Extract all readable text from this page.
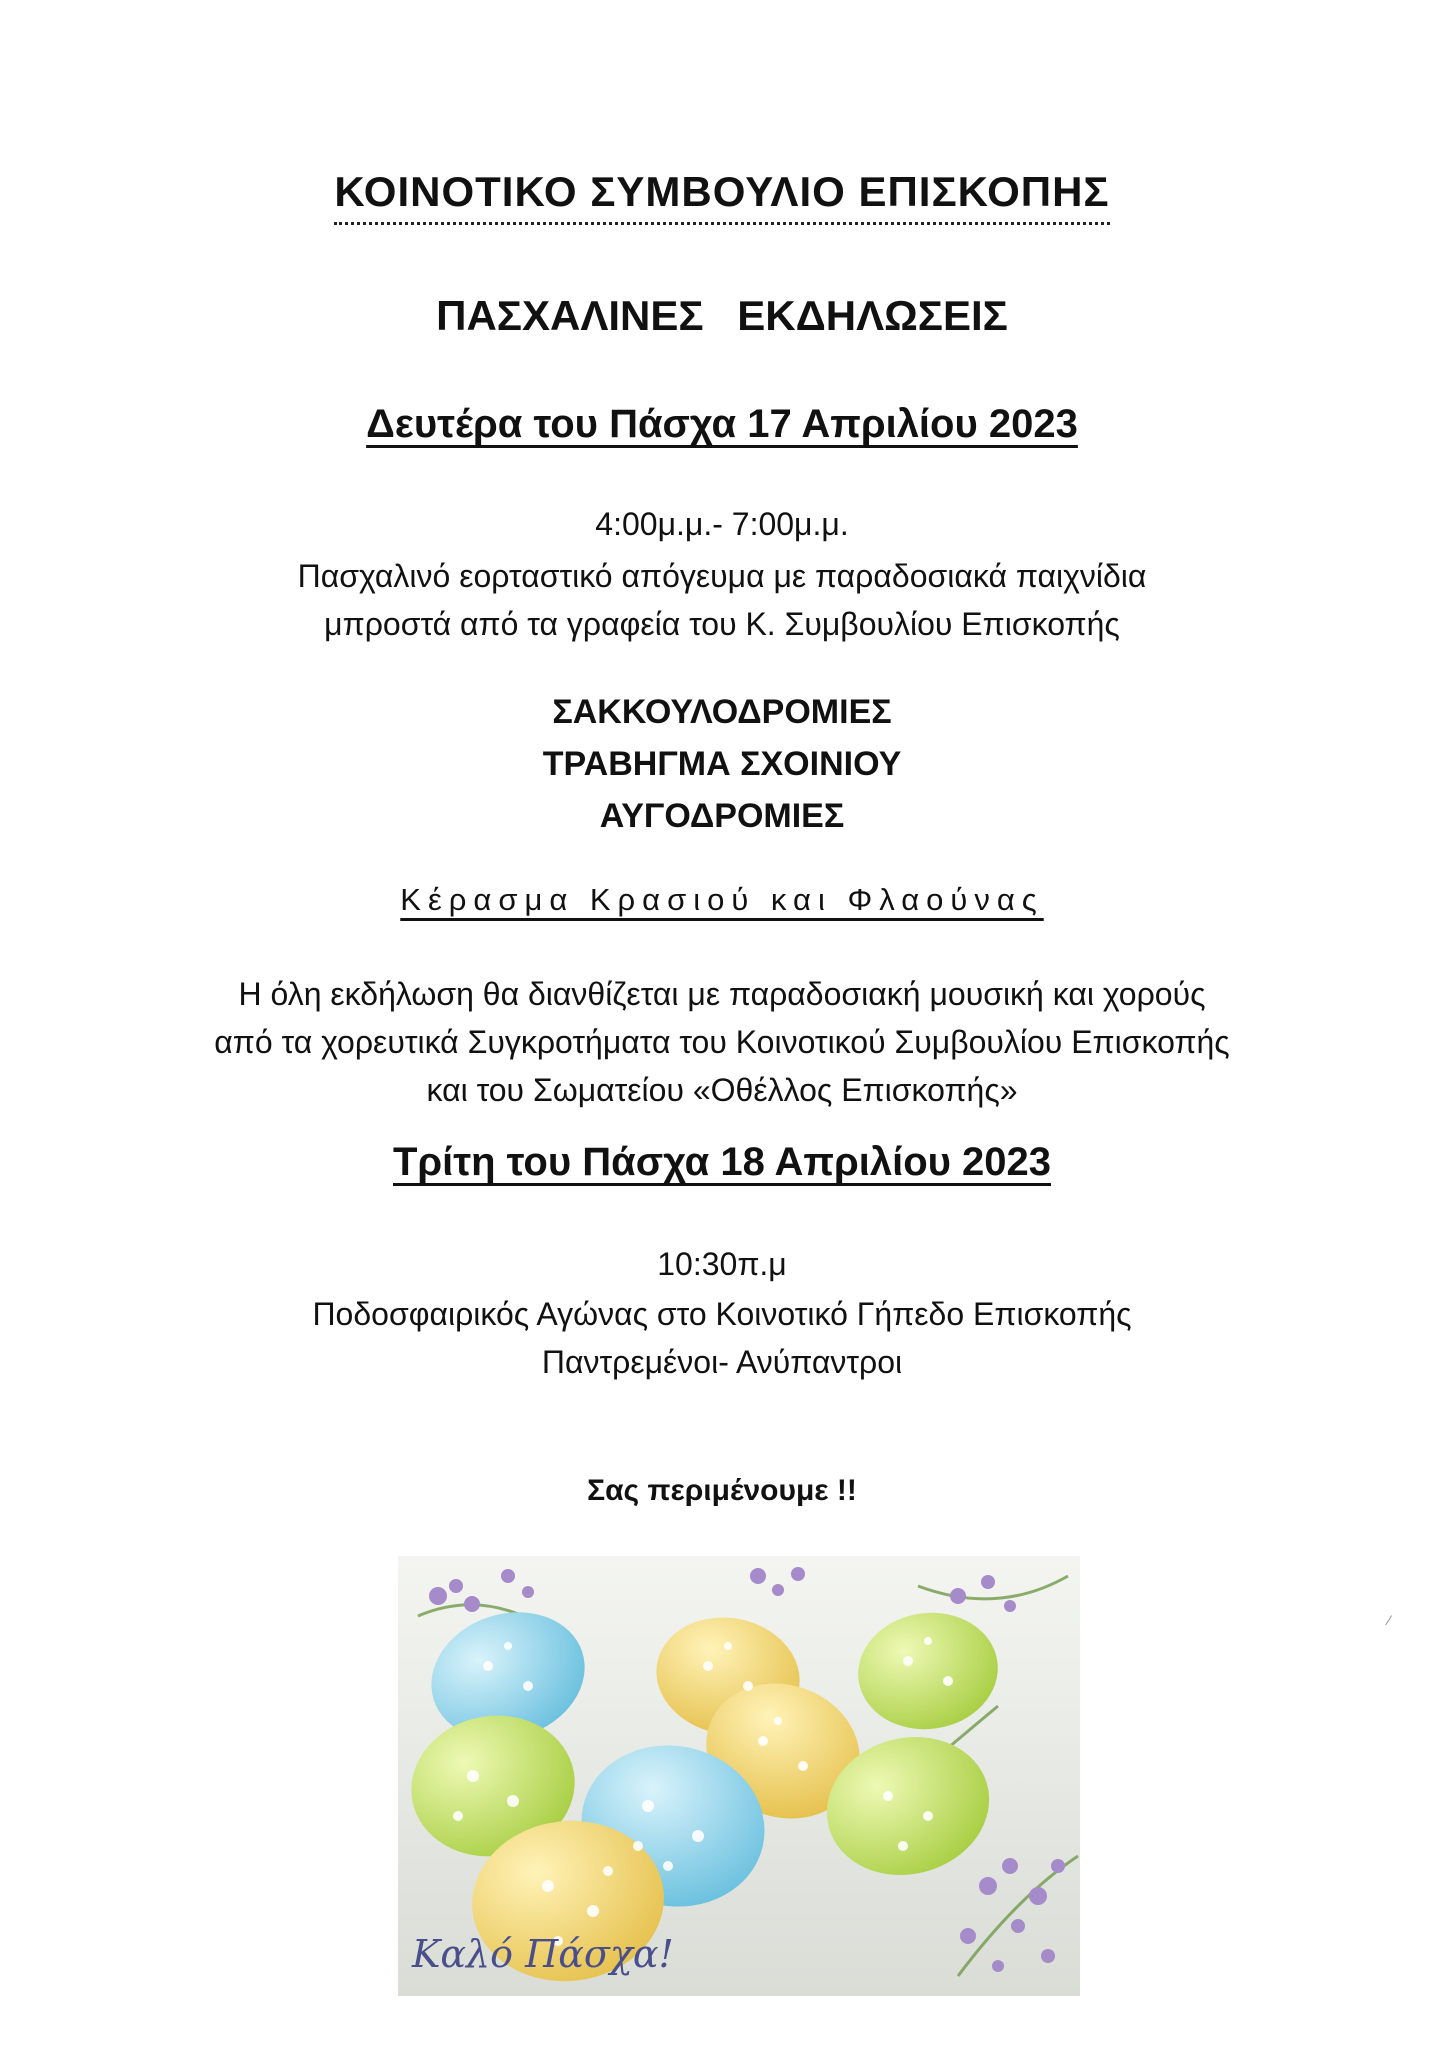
ΚΟΙΝΟΤΙΚΟ ΣΥΜΒΟΥΛΙΟ ΕΠΙΣΚΟΠΗΣ
ΠΑΣΧΑΛΙΝΕΣ ΕΚΔΗΛΩΣΕΙΣ
Δευτέρα του Πάσχα 17 Απριλίου 2023
4:00μ.μ.- 7:00μ.μ.
Πασχαλινό εορταστικό απόγευμα με παραδοσιακά παιχνίδια
μπροστά από τα γραφεία του Κ. Συμβουλίου Επισκοπής
ΣΑΚΚΟΥΛΟΔΡΟΜΙΕΣ
ΤΡΑΒΗΓΜΑ ΣΧΟΙΝΙΟΥ
ΑΥΓΟΔΡΟΜΙΕΣ
Κέρασμα Κρασιού και Φλαούνας
Η όλη εκδήλωση θα διανθίζεται με παραδοσιακή μουσική και χορούς
από τα χορευτικά Συγκροτήματα του Κοινοτικού Συμβουλίου Επισκοπής
και του Σωματείου «Οθέλλος Επισκοπής»
Τρίτη του Πάσχα 18 Απριλίου 2023
10:30π.μ
Ποδοσφαιρικός Αγώνας στο Κοινοτικό Γήπεδο Επισκοπής
Παντρεμένοι- Ανύπαντροι
Σας περιμένουμε !!
Καλό Πάσχα!
⁄
